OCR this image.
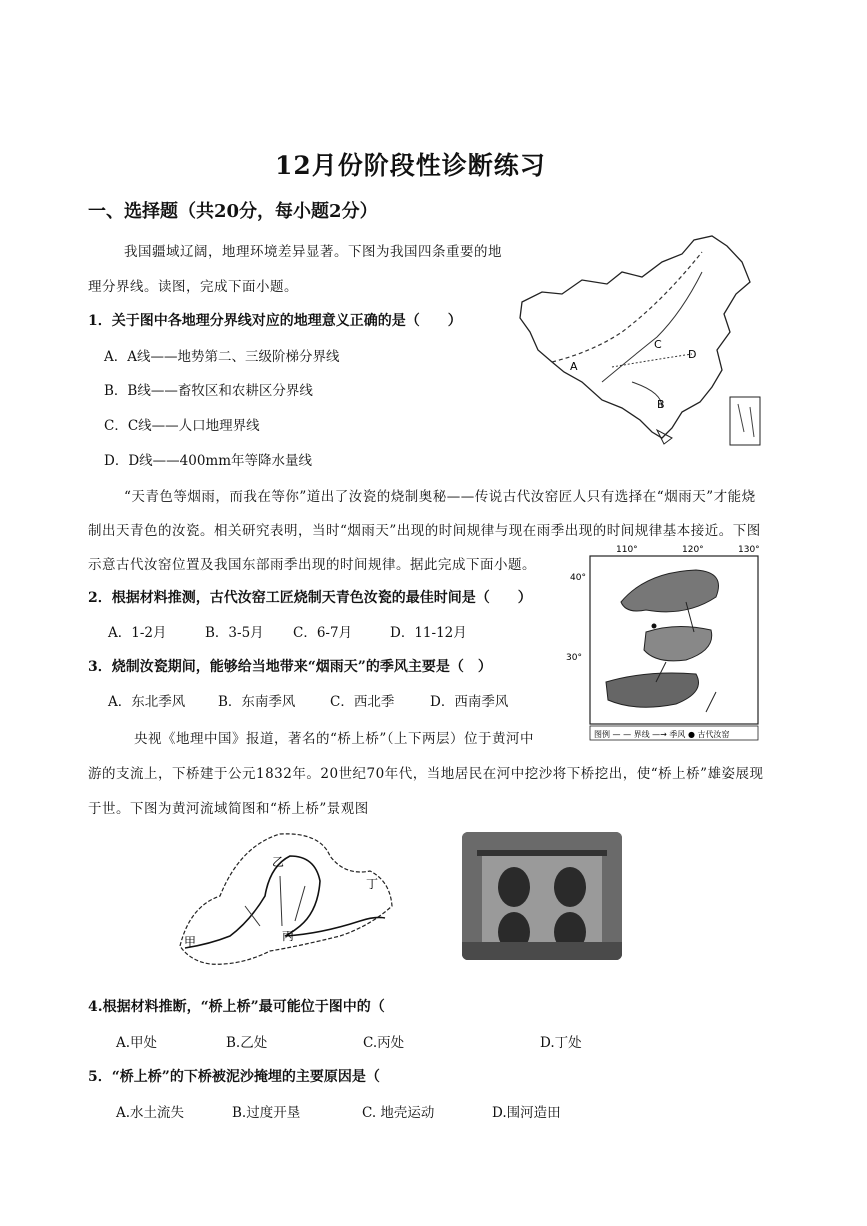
12月份阶段性诊断练习
一、选择题（共20分，每小题2分）
我国疆域辽阔，地理环境差异显著。下图为我国四条重要的地
理分界线。读图，完成下面小题。
1．关于图中各地理分界线对应的地理意义正确的是（　　）
A．A线——地势第二、三级阶梯分界线
B．B线——畜牧区和农耕区分界线
C．C线——人口地理界线
D．D线——400mm年等降水量线
A
B
C
D
“天青色等烟雨，而我在等你”道出了汝瓷的烧制奥秘——传说古代汝窑匠人只有选择在“烟雨天”才能烧
制出天青色的汝瓷。相关研究表明，当时“烟雨天”出现的时间规律与现在雨季出现的时间规律基本接近。下图
示意古代汝窑位置及我国东部雨季出现的时间规律。据此完成下面小题。
110°	120°	130°
40°
30°
图例 — — 界线 —→ 季风 ● 古代汝窑
2．根据材料推测，古代汝窑工匠烧制天青色汝瓷的最佳时间是（　　）
A．1-2月	B．3-5月 C．6-7月	D．11-12月
3．烧制汝瓷期间，能够给当地带来“烟雨天”的季风主要是（　）
A．东北季风 B．东南季风	C．西北季	D．西南季风
央视《地理中国》报道，著名的“桥上桥”（上下两层）位于黄河中
游的支流上，下桥建于公元1832年。20世纪70年代，当地居民在河中挖沙将下桥挖出，使“桥上桥”雄姿展现
于世。下图为黄河流域简图和“桥上桥”景观图
甲
乙
丙
丁
4.根据材料推断，“桥上桥”最可能位于图中的（
A.甲处	B.乙处	C.丙处	D.丁处
5．“桥上桥”的下桥被泥沙掩埋的主要原因是（
A.水土流失	B.过度开垦	C. 地壳运动	D.围河造田
